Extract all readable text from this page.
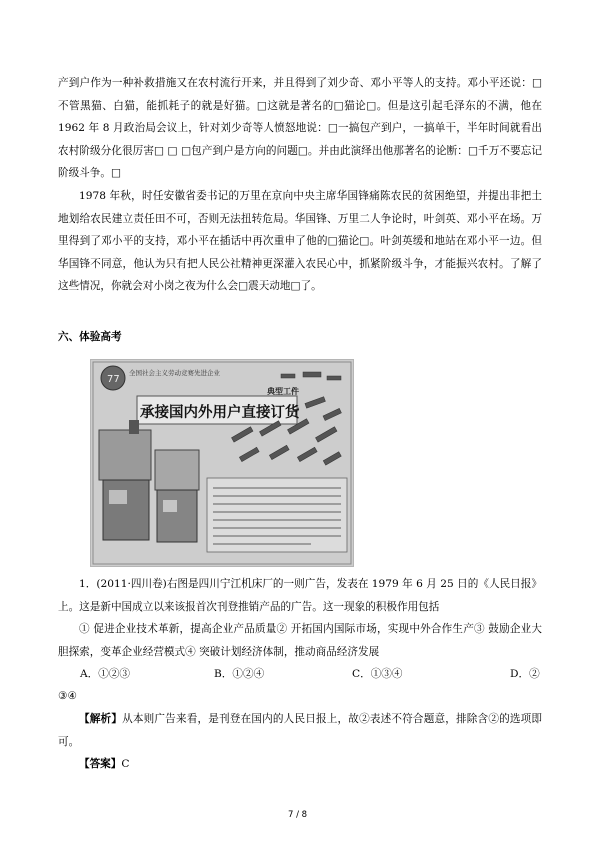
产到户作为一种补救措施又在农村流行开来，并且得到了刘少奇、邓小平等人的支持。邓小平还说：□不管黑猫、白猫，能抓耗子的就是好猫。□这就是著名的□猫论□。但是这引起毛泽东的不满，他在 1962 年 8 月政治局会议上，针对刘少奇等人愤怒地说：□一搞包产到户，一搞单干，半年时间就看出农村阶级分化很厉害□ □ □包产到户是方向的问题□。并由此演绎出他那著名的论断：□千万不要忘记阶级斗争。□

1978 年秋，时任安徽省委书记的万里在京向中央主席华国锋痛陈农民的贫困绝望，并提出非把土地划给农民建立责任田不可，否则无法扭转危局。华国锋、万里二人争论时，叶剑英、邓小平在场。万里得到了邓小平的支持，邓小平在插话中再次重申了他的□猫论□。叶剑英缓和地站在邓小平一边。但华国锋不同意，他认为只有把人民公社精神更深灌入农民心中，抓紧阶级斗争，才能振兴农村。了解了这些情况，你就会对小岗之夜为什么会□震天动地□了。

六、体验高考
77
全国社会主义劳动竞赛先进企业
承接国内外用户直接订货
典型工件

1．(2011·四川卷)右图是四川宁江机床厂的一则广告，发表在 1979 年 6 月 25 日的《人民日报》上。这是新中国成立以来该报首次刊登推销产品的广告。这一现象的积极作用包括

① 促进企业技术革新，提高企业产品质量② 开拓国内国际市场，实现中外合作生产③ 鼓励企业大胆探索，变革企业经营模式④ 突破计划经济体制，推动商品经济发展

A．①②③	B．①②④	C．①③④	D．②
③④

【解析】从本则广告来看，是刊登在国内的人民日报上，故②表述不符合题意，排除含②的选项即可。

【答案】C

7 / 8
